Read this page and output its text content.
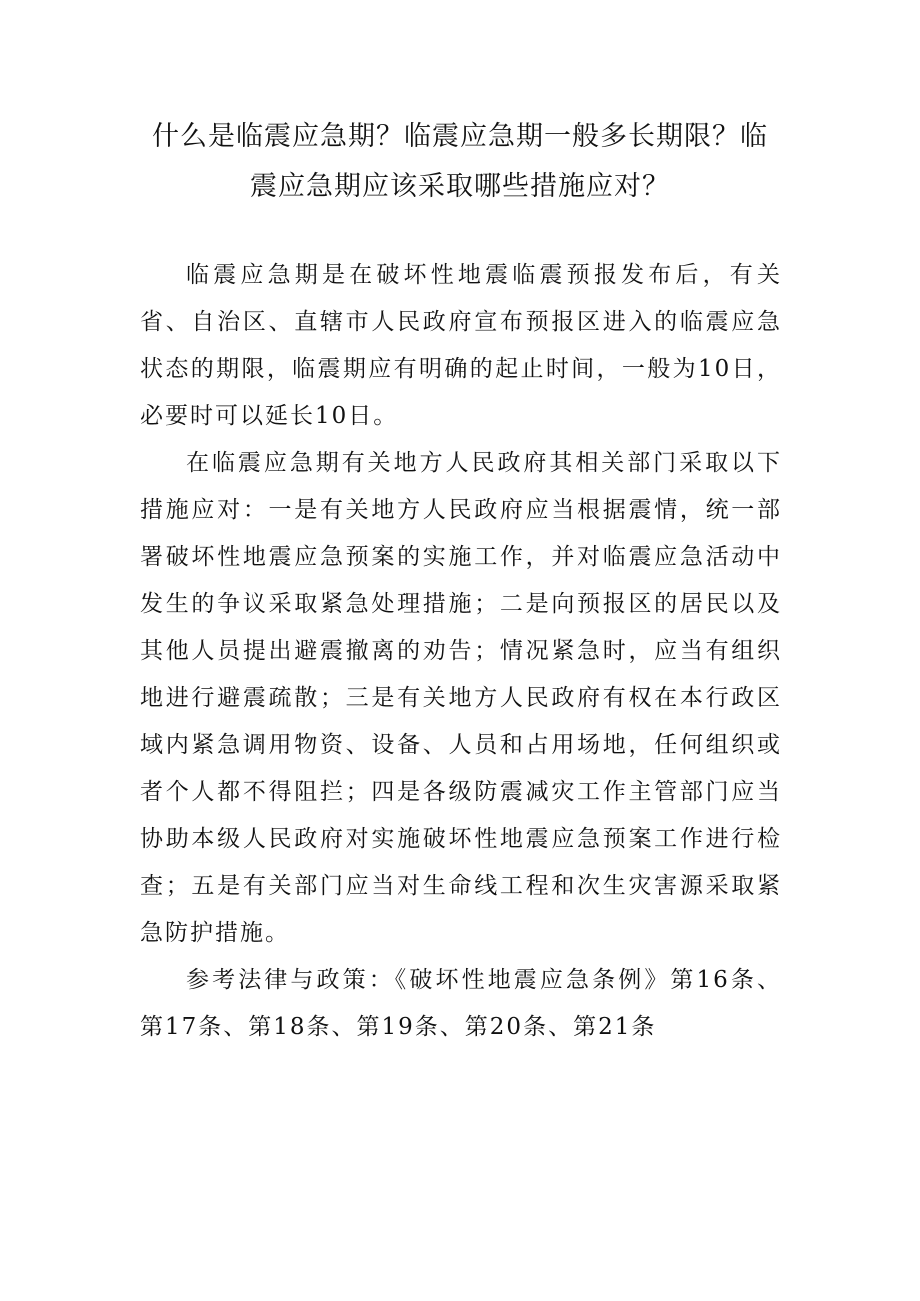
什么是临震应急期？临震应急期一般多长期限？临震应急期应该采取哪些措施应对？

临震应急期是在破坏性地震临震预报发布后，有关省、自治区、直辖市人民政府宣布预报区进入的临震应急状态的期限，临震期应有明确的起止时间，一般为10日，必要时可以延长10日。

在临震应急期有关地方人民政府其相关部门采取以下措施应对：一是有关地方人民政府应当根据震情，统一部署破坏性地震应急预案的实施工作，并对临震应急活动中发生的争议采取紧急处理措施；二是向预报区的居民以及其他人员提出避震撤离的劝告；情况紧急时，应当有组织地进行避震疏散；三是有关地方人民政府有权在本行政区域内紧急调用物资、设备、人员和占用场地，任何组织或者个人都不得阻拦；四是各级防震减灾工作主管部门应当协助本级人民政府对实施破坏性地震应急预案工作进行检查；五是有关部门应当对生命线工程和次生灾害源采取紧急防护措施。

参考法律与政策：《破坏性地震应急条例》第16条、第17条、第18条、第19条、第20条、第21条
